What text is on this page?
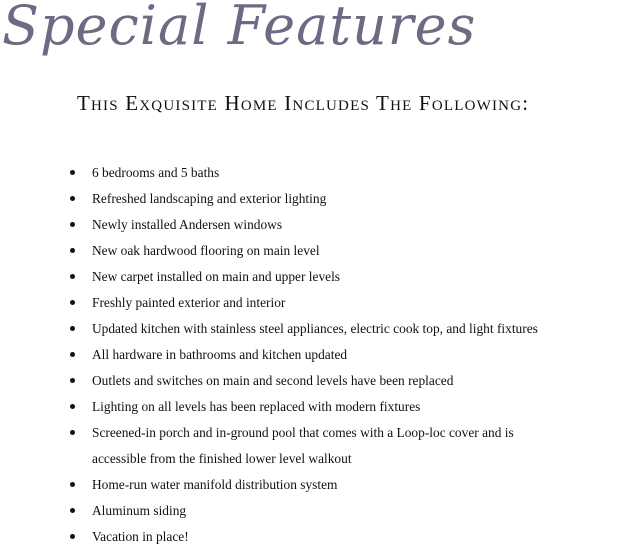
Special Features
This Exquisite Home Includes The Following:
6 bedrooms and 5 baths
Refreshed landscaping and exterior lighting
Newly installed Andersen windows
New oak hardwood flooring on main level
New carpet installed on main and upper levels
Freshly painted exterior and interior
Updated kitchen with stainless steel appliances, electric cook top, and light fixtures
All hardware in bathrooms and kitchen updated
Outlets and switches on main and second levels have been replaced
Lighting on all levels has been replaced with modern fixtures
Screened-in porch and in-ground pool that comes with a Loop-loc cover and is accessible from the finished lower level walkout
Home-run water manifold distribution system
Aluminum siding
Vacation in place!
